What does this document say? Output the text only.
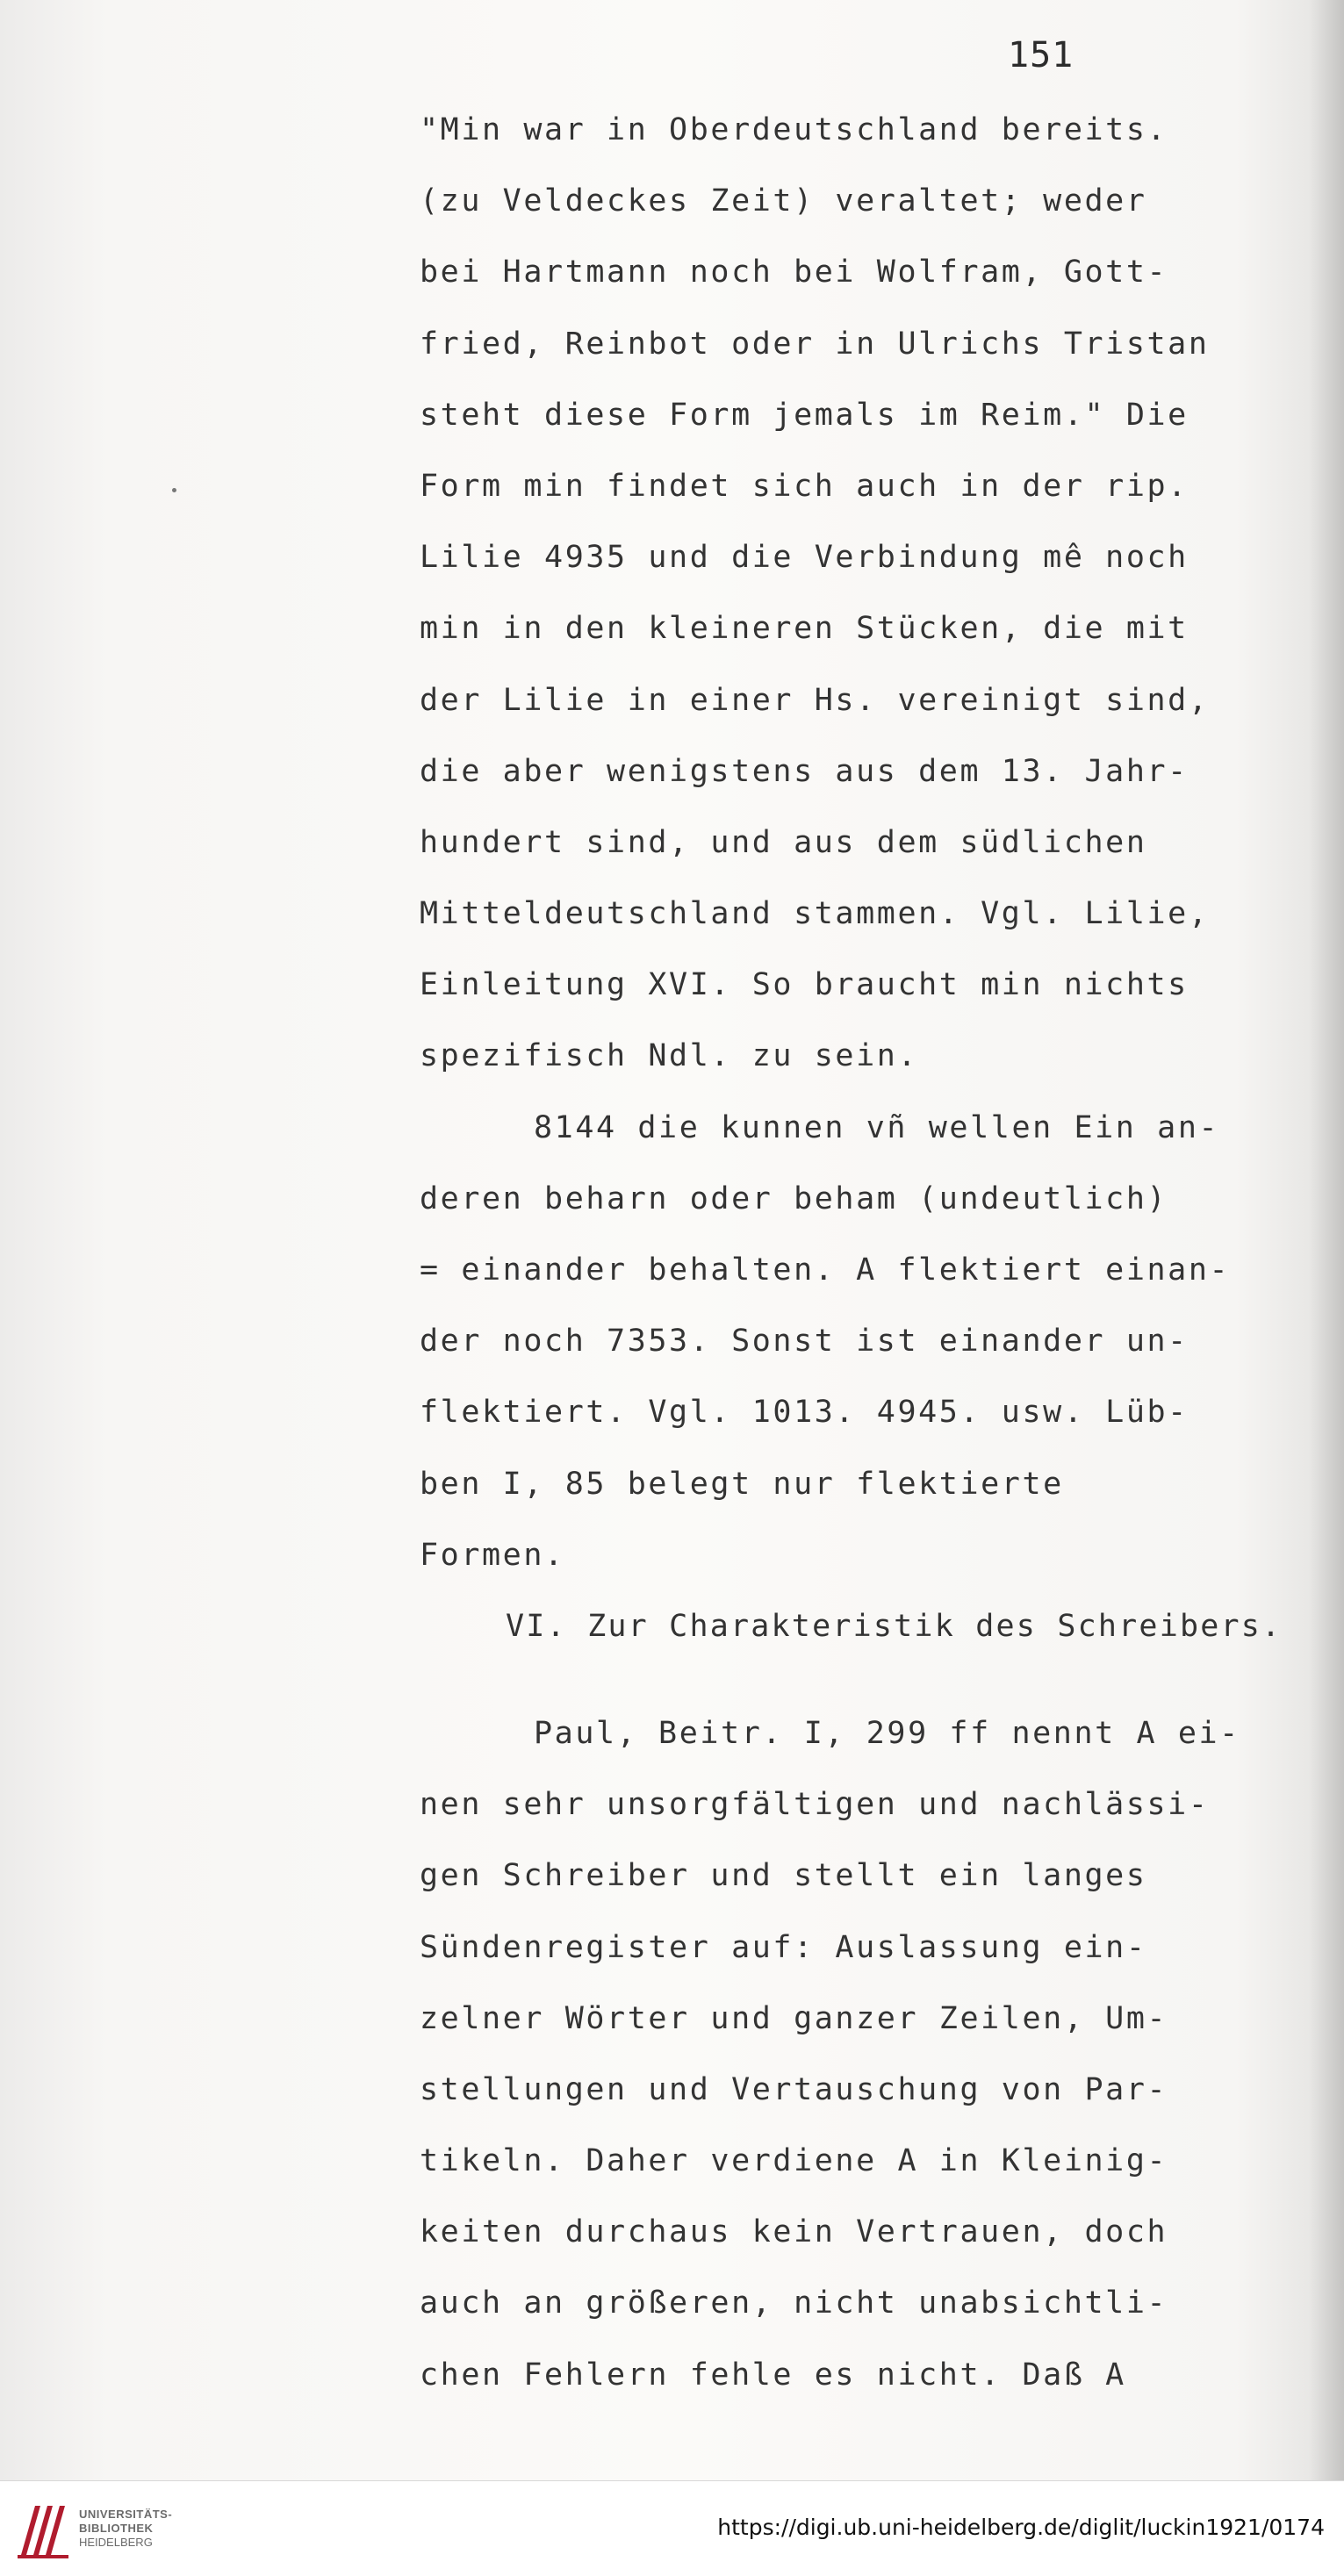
151
"Min war in Oberdeutschland bereits.
(zu Veldeckes Zeit) veraltet; weder
bei Hartmann noch bei Wolfram, Gott-
fried, Reinbot oder in Ulrichs Tristan
steht diese Form jemals im Reim." Die
Form min findet sich auch in der rip.
Lilie 4935 und die Verbindung mê noch
min in den kleineren Stücken, die mit
der Lilie in einer Hs. vereinigt sind,
die aber wenigstens aus dem 13. Jahr-
hundert sind, und aus dem südlichen
Mitteldeutschland stammen. Vgl. Lilie,
Einleitung XVI. So braucht min nichts
spezifisch Ndl. zu sein.
8144 die kunnen vñ wellen Ein an-
deren beharn oder beham (undeutlich)
= einander behalten. A flektiert einan-
der noch 7353. Sonst ist einander un-
flektiert. Vgl. 1013. 4945. usw. Lüb-
ben I, 85 belegt nur flektierte
Formen.
VI. Zur Charakteristik des Schreibers.
Paul, Beitr. I, 299 ff nennt A ei-
nen sehr unsorgfältigen und nachlässi-
gen Schreiber und stellt ein langes
Sündenregister auf: Auslassung ein-
zelner Wörter und ganzer Zeilen, Um-
stellungen und Vertauschung von Par-
tikeln. Daher verdiene A in Kleinig-
keiten durchaus kein Vertrauen, doch
auch an größeren, nicht unabsichtli-
chen Fehlern fehle es nicht. Daß A
UNIVERSITÄTS-
BIBLIOTHEK
HEIDELBERG
https://digi.ub.uni-heidelberg.de/diglit/luckin1921/0174
